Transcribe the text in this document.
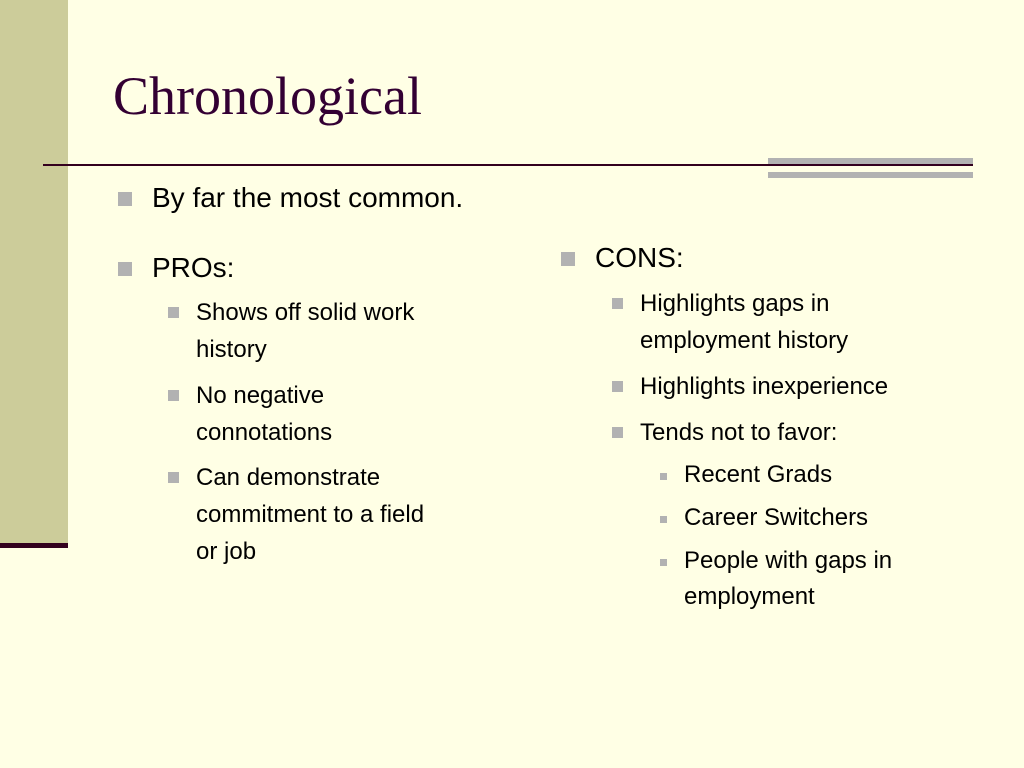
Chronological
By far the most common.
PROs:
Shows off solid work
history
No negative
connotations
Can demonstrate
commitment to a field
or job
CONS:
Highlights gaps in
employment history
Highlights inexperience
Tends not to favor:
Recent Grads
Career Switchers
People with gaps in
employment
